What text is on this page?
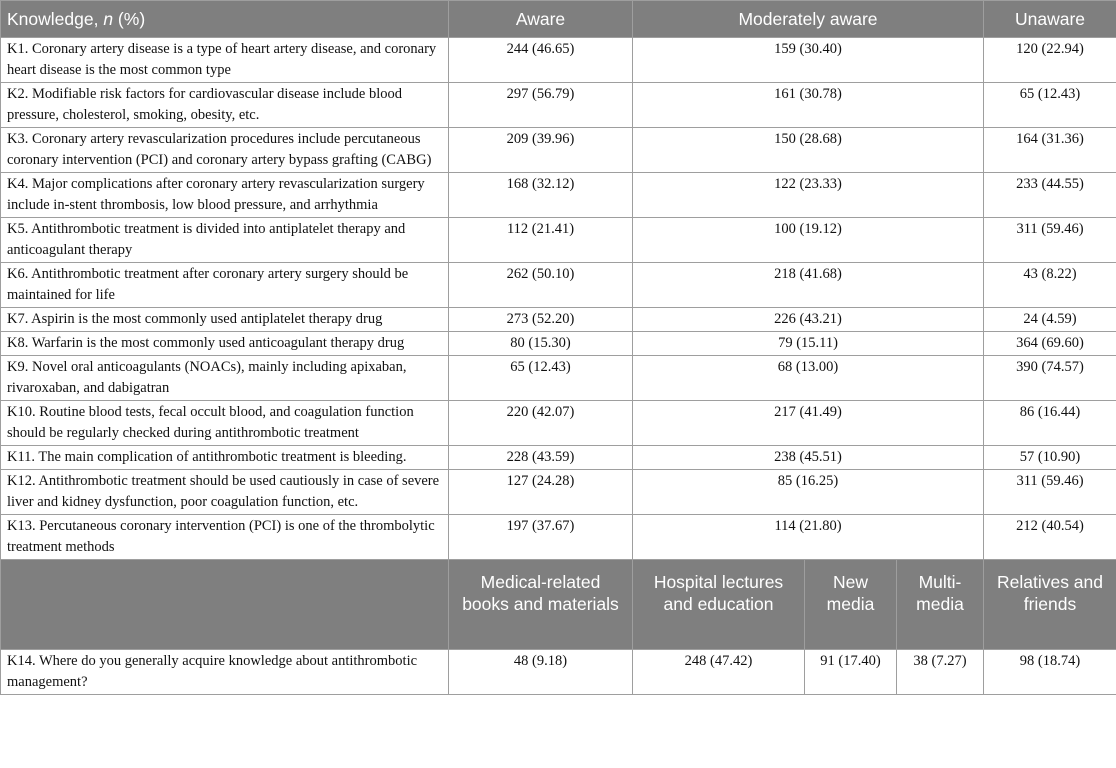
Knowledge, n (%)	Aware	Moderately aware			Unaware
K1. Coronary artery disease is a type of heart artery disease, and coronary heart disease is the most common type	244 (46.65)	159 (30.40)			120 (22.94)
K2. Modifiable risk factors for cardiovascular disease include blood pressure, cholesterol, smoking, obesity, etc.	297 (56.79)	161 (30.78)			65 (12.43)
K3. Coronary artery revascularization procedures include percutaneous coronary intervention (PCI) and coronary artery bypass grafting (CABG)	209 (39.96)	150 (28.68)			164 (31.36)
K4. Major complications after coronary artery revascularization surgery include in-stent thrombosis, low blood pressure, and arrhythmia	168 (32.12)	122 (23.33)			233 (44.55)
K5. Antithrombotic treatment is divided into antiplatelet therapy and anticoagulant therapy	112 (21.41)	100 (19.12)			311 (59.46)
K6. Antithrombotic treatment after coronary artery surgery should be maintained for life	262 (50.10)	218 (41.68)			43 (8.22)
K7. Aspirin is the most commonly used antiplatelet therapy drug	273 (52.20)	226 (43.21)			24 (4.59)
K8. Warfarin is the most commonly used anticoagulant therapy drug	80 (15.30)	79 (15.11)			364 (69.60)
K9. Novel oral anticoagulants (NOACs), mainly including apixaban, rivaroxaban, and dabigatran	65 (12.43)	68 (13.00)			390 (74.57)
K10. Routine blood tests, fecal occult blood, and coagulation function should be regularly checked during antithrombotic treatment	220 (42.07)	217 (41.49)			86 (16.44)
K11. The main complication of antithrombotic treatment is bleeding.	228 (43.59)	238 (45.51)			57 (10.90)
K12. Antithrombotic treatment should be used cautiously in case of severe liver and kidney dysfunction, poor coagulation function, etc.	127 (24.28)	85 (16.25)			311 (59.46)
K13. Percutaneous coronary intervention (PCI) is one of the thrombolytic treatment methods	197 (37.67)	114 (21.80)			212 (40.54)
	Medical-related books and materials	Hospital lectures and education	New media	Multi-media	Relatives and friends
K14. Where do you generally acquire knowledge about antithrombotic management?	48 (9.18)	248 (47.42)	91 (17.40)	38 (7.27)	98 (18.74)
